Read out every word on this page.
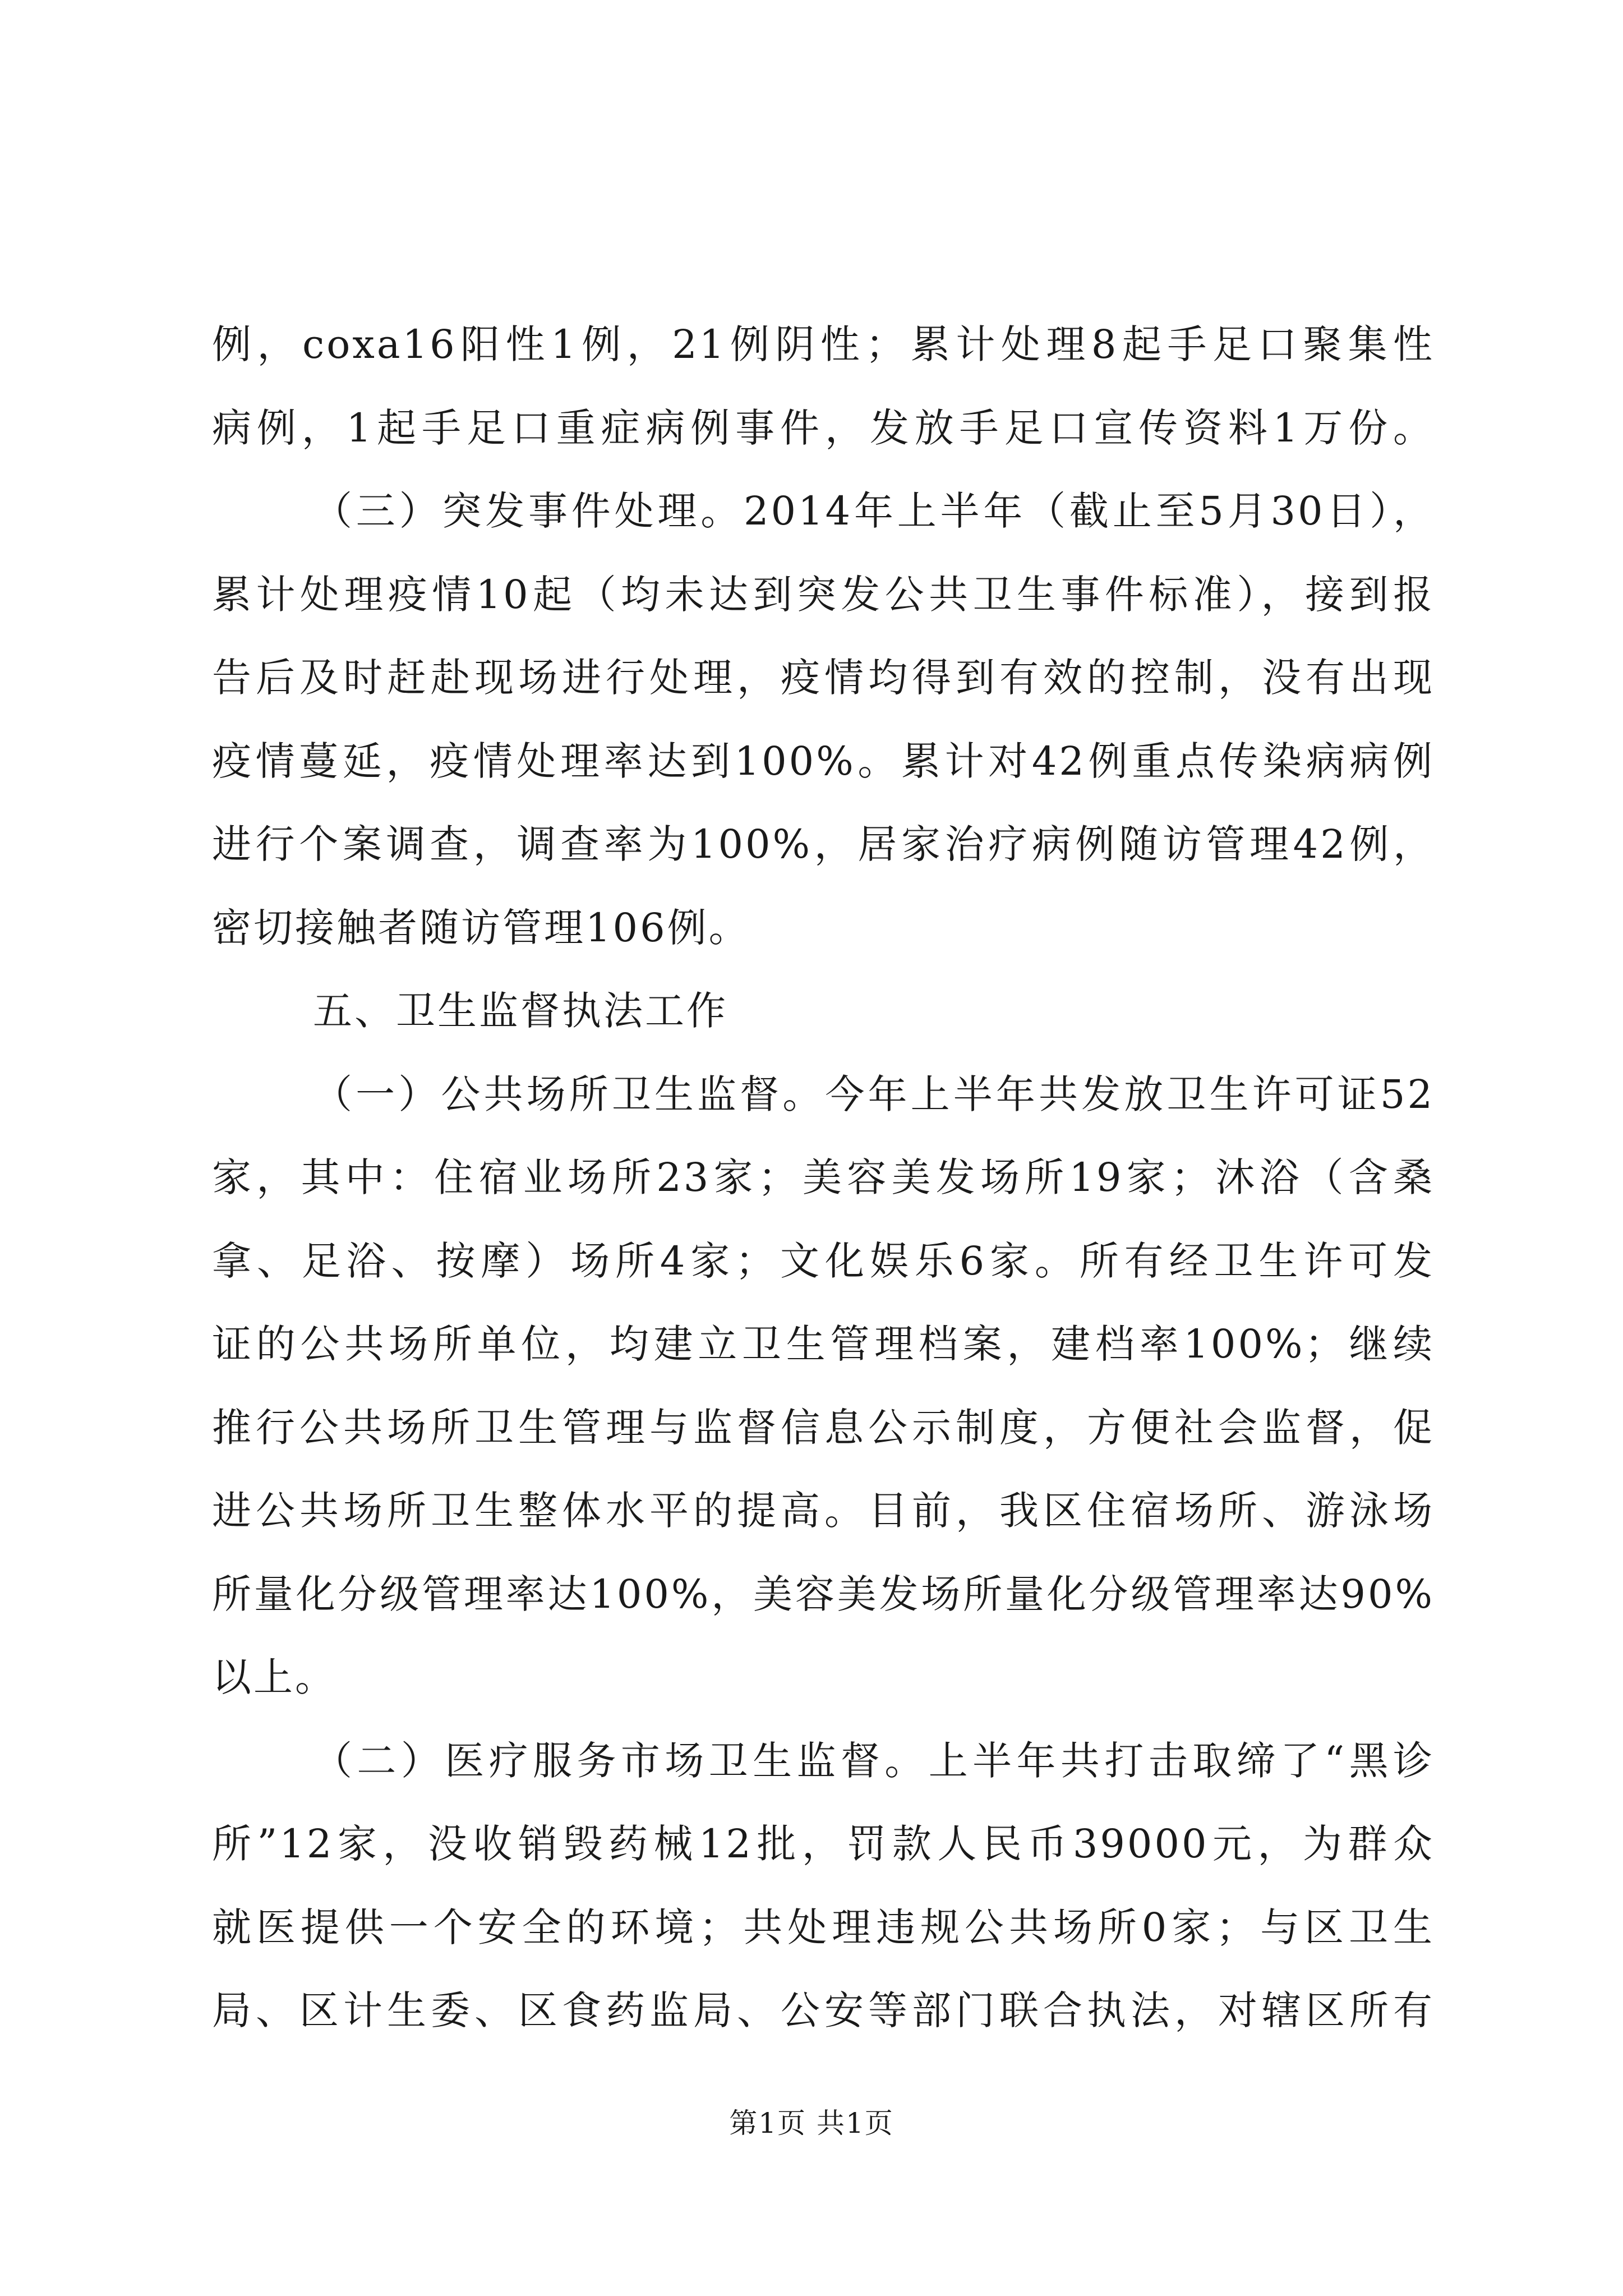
例，coxa16阳性1例，21例阴性；累计处理8起手足口聚集性
病例，1起手足口重症病例事件，发放手足口宣传资料1万份。
（三）突发事件处理。2014年上半年（截止至5月30日），
累计处理疫情10起（均未达到突发公共卫生事件标准），接到报
告后及时赶赴现场进行处理，疫情均得到有效的控制，没有出现
疫情蔓延，疫情处理率达到100%。累计对42例重点传染病病例
进行个案调查，调查率为100%，居家治疗病例随访管理42例，
密切接触者随访管理106例。
五、卫生监督执法工作
（一）公共场所卫生监督。今年上半年共发放卫生许可证52
家，其中：住宿业场所23家；美容美发场所19家；沐浴（含桑
拿、足浴、按摩）场所4家；文化娱乐6家。所有经卫生许可发
证的公共场所单位，均建立卫生管理档案，建档率100%；继续
推行公共场所卫生管理与监督信息公示制度，方便社会监督，促
进公共场所卫生整体水平的提高。目前，我区住宿场所、游泳场
所量化分级管理率达100%，美容美发场所量化分级管理率达90%
以上。
（二）医疗服务市场卫生监督。上半年共打击取缔了“黑诊
所”12家，没收销毁药械12批，罚款人民币39000元，为群众
就医提供一个安全的环境；共处理违规公共场所0家；与区卫生
局、区计生委、区食药监局、公安等部门联合执法，对辖区所有
第1页 共1页
